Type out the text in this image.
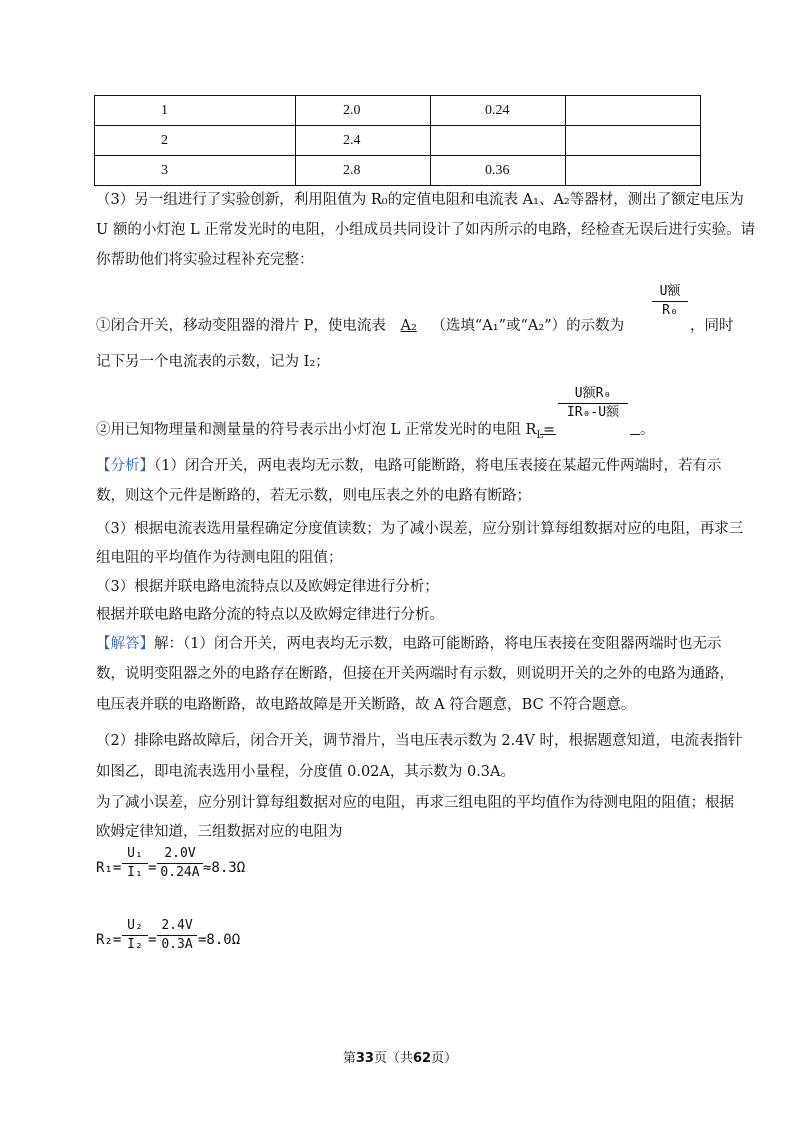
1	2.0	0.24	
2	2.4		
3	2.8	0.36	
（3）另一组进行了实验创新，利用阻值为 R₀的定值电阻和电流表 A₁、A₂等器材，测出了额定电压为
U 额的小灯泡 L 正常发光时的电阻，小组成员共同设计了如丙所示的电路，经检查无误后进行实验。请
你帮助他们将实验过程补充完整：
①闭合开关，移动变阻器的滑片 P，使电流表 A₂ （选填“A₁”或“A₂”）的示数为
U额
R₀
，同时
记下另一个电流表的示数，记为 I₂；
②用已知物理量和测量量的符号表示出小灯泡 L 正常发光时的电阻 $R_L=$
U额R₀
IR₀-U额
。
【分析】（1）闭合开关，两电表均无示数，电路可能断路，将电压表接在某超元件两端时，若有示
数，则这个元件是断路的，若无示数，则电压表之外的电路有断路；
（3）根据电流表选用量程确定分度值读数；为了减小误差，应分别计算每组数据对应的电阻，再求三
组电阻的平均值作为待测电阻的阻值；
（3）根据并联电路电流特点以及欧姆定律进行分析；
根据并联电路电路分流的特点以及欧姆定律进行分析。
【解答】解：（1）闭合开关，两电表均无示数，电路可能断路，将电压表接在变阻器两端时也无示
数，说明变阻器之外的电路存在断路，但接在开关两端时有示数，则说明开关的之外的电路为通路，
电压表并联的电路断路，故电路故障是开关断路，故 A 符合题意，BC 不符合题意。
（2）排除电路故障后，闭合开关，调节滑片，当电压表示数为 2.4V 时，根据题意知道，电流表指针
如图乙，即电流表选用小量程，分度值 0.02A，其示数为 0.3A。
为了减小误差，应分别计算每组数据对应的电阻，再求三组电阻的平均值作为待测电阻的阻值；根据
欧姆定律知道，三组数据对应的电阻为
R₁=
U₁
I₁ =
2.0V
0.24A ≈8.3Ω
R₂=
U₂
I₂ =
2.4V
0.3A =8.0Ω
第33页（共62页）
